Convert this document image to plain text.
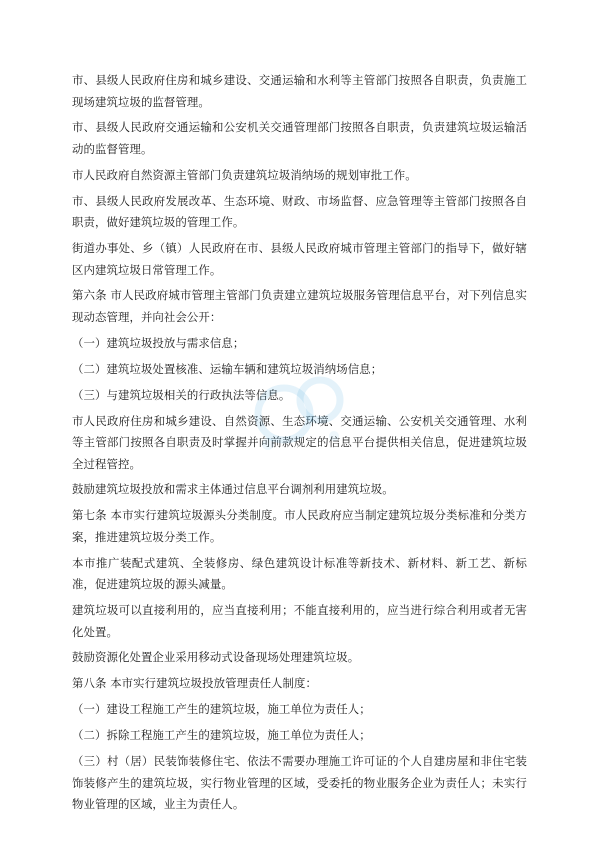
市、县级人民政府住房和城乡建设、交通运输和水利等主管部门按照各自职责，负责施工现场建筑垃圾的监督管理。

市、县级人民政府交通运输和公安机关交通管理部门按照各自职责，负责建筑垃圾运输活动的监督管理。

市人民政府自然资源主管部门负责建筑垃圾消纳场的规划审批工作。

市、县级人民政府发展改革、生态环境、财政、市场监督、应急管理等主管部门按照各自职责，做好建筑垃圾的管理工作。

街道办事处、乡（镇）人民政府在市、县级人民政府城市管理主管部门的指导下，做好辖区内建筑垃圾日常管理工作。

第六条 市人民政府城市管理主管部门负责建立建筑垃圾服务管理信息平台，对下列信息实现动态管理，并向社会公开：

（一）建筑垃圾投放与需求信息；

（二）建筑垃圾处置核准、运输车辆和建筑垃圾消纳场信息；

（三）与建筑垃圾相关的行政执法等信息。

市人民政府住房和城乡建设、自然资源、生态环境、交通运输、公安机关交通管理、水利等主管部门按照各自职责及时掌握并向前款规定的信息平台提供相关信息，促进建筑垃圾全过程管控。

鼓励建筑垃圾投放和需求主体通过信息平台调剂利用建筑垃圾。

第七条 本市实行建筑垃圾源头分类制度。市人民政府应当制定建筑垃圾分类标准和分类方案，推进建筑垃圾分类工作。

本市推广装配式建筑、全装修房、绿色建筑设计标准等新技术、新材料、新工艺、新标准，促进建筑垃圾的源头减量。

建筑垃圾可以直接利用的，应当直接利用；不能直接利用的，应当进行综合利用或者无害化处置。

鼓励资源化处置企业采用移动式设备现场处理建筑垃圾。

第八条 本市实行建筑垃圾投放管理责任人制度：

（一）建设工程施工产生的建筑垃圾，施工单位为责任人；

（二）拆除工程施工产生的建筑垃圾，施工单位为责任人；

（三）村（居）民装饰装修住宅、依法不需要办理施工许可证的个人自建房屋和非住宅装饰装修产生的建筑垃圾，实行物业管理的区域，受委托的物业服务企业为责任人；未实行物业管理的区域，业主为责任人。
